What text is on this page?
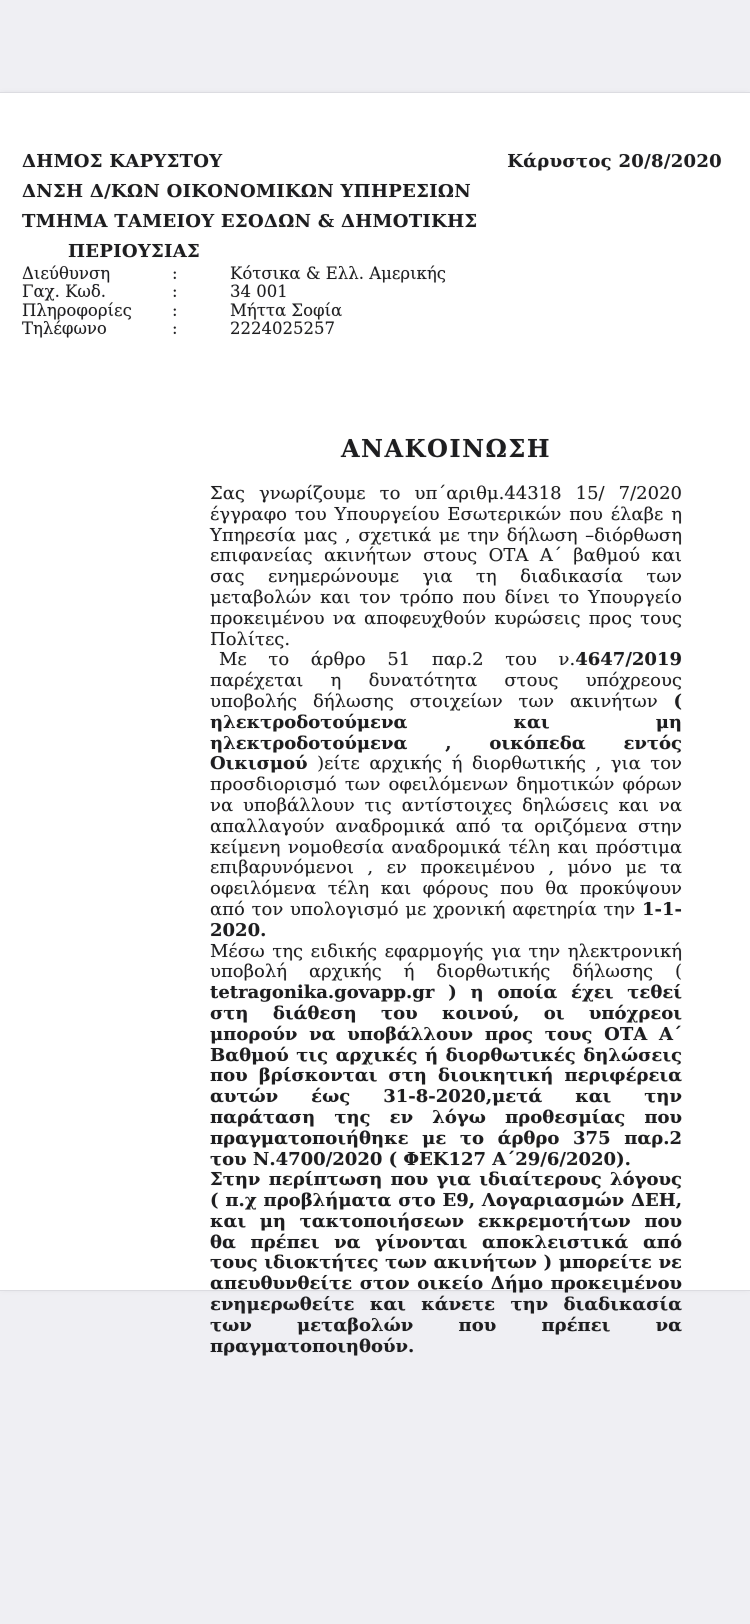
ΔΗΜΟΣ ΚΑΡΥΣΤΟΥ	Κάρυστος 20/8/2020
ΔΝΣΗ Δ/ΚΩΝ ΟΙΚΟΝΟΜΙΚΩΝ ΥΠΗΡΕΣΙΩΝ
ΤΜΗΜΑ ΤΑΜΕΙΟΥ ΕΣΟΔΩΝ & ΔΗΜΟΤΙΚΗΣ
ΠΕΡΙΟΥΣΙΑΣ
Διεύθυνση	:	Κότσικα & Ελλ. Αμερικής
Γαχ. Κωδ.	:	34 001
Πληροφορίες	:	Μήττα Σοφία
Τηλέφωνο	:	2224025257
ΑΝΑΚΟΙΝΩΣΗ

Σας γνωρίζουμε το υπ΄αριθμ.44318 15/ 7/2020 έγγραφο του Υπουργείου Εσωτερικών που έλαβε η Υπηρεσία μας , σχετικά με την δήλωση –διόρθωση επιφανείας ακινήτων στους ΟΤΑ Α΄ βαθμού και σας ενημερώνουμε για τη διαδικασία των μεταβολών και τον τρόπο που δίνει το Υπουργείο προκειμένου να αποφευχθούν κυρώσεις προς τους Πολίτες.

Με το άρθρο 51 παρ.2 του ν.4647/2019 παρέχεται η δυνατότητα στους υπόχρεους υποβολής δήλωσης στοιχείων των ακινήτων ( ηλεκτροδοτούμενα και μη ηλεκτροδοτούμενα , οικόπεδα εντός Οικισμού )είτε αρχικής ή διορθωτικής , για τον προσδιορισμό των οφειλόμενων δημοτικών φόρων να υποβάλλουν τις αντίστοιχες δηλώσεις και να απαλλαγούν αναδρομικά από τα οριζόμενα στην κείμενη νομοθεσία αναδρομικά τέλη και πρόστιμα επιβαρυνόμενοι , εν προκειμένου , μόνο με τα οφειλόμενα τέλη και φόρους που θα προκύψουν από τον υπολογισμό με χρονική αφετηρία την 1-1-2020.

Μέσω της ειδικής εφαρμογής για την ηλεκτρονική υποβολή αρχικής ή διορθωτικής δήλωσης ( tetragonika.govapp.gr ) η οποία έχει τεθεί στη διάθεση του κοινού, οι υπόχρεοι μπορούν να υποβάλλουν προς τους ΟΤΑ Α΄ Βαθμού τις αρχικές ή διορθωτικές δηλώσεις που βρίσκονται στη διοικητική περιφέρεια αυτών έως 31-8-2020,μετά και την παράταση της εν λόγω προθεσμίας που πραγματοποιήθηκε με το άρθρο 375 παρ.2 του Ν.4700/2020 ( ΦΕΚ127 Α΄29/6/2020).

Στην περίπτωση που για ιδιαίτερους λόγους ( π.χ προβλήματα στο Ε9, Λογαριασμών ΔΕΗ, και μη τακτοποιήσεων εκκρεμοτήτων που θα πρέπει να γίνονται αποκλειστικά από τους ιδιοκτήτες των ακινήτων ) μπορείτε νε απευθυνθείτε στον οικείο Δήμο προκειμένου ενημερωθείτε και κάνετε την διαδικασία των μεταβολών που πρέπει να πραγματοποιηθούν.
